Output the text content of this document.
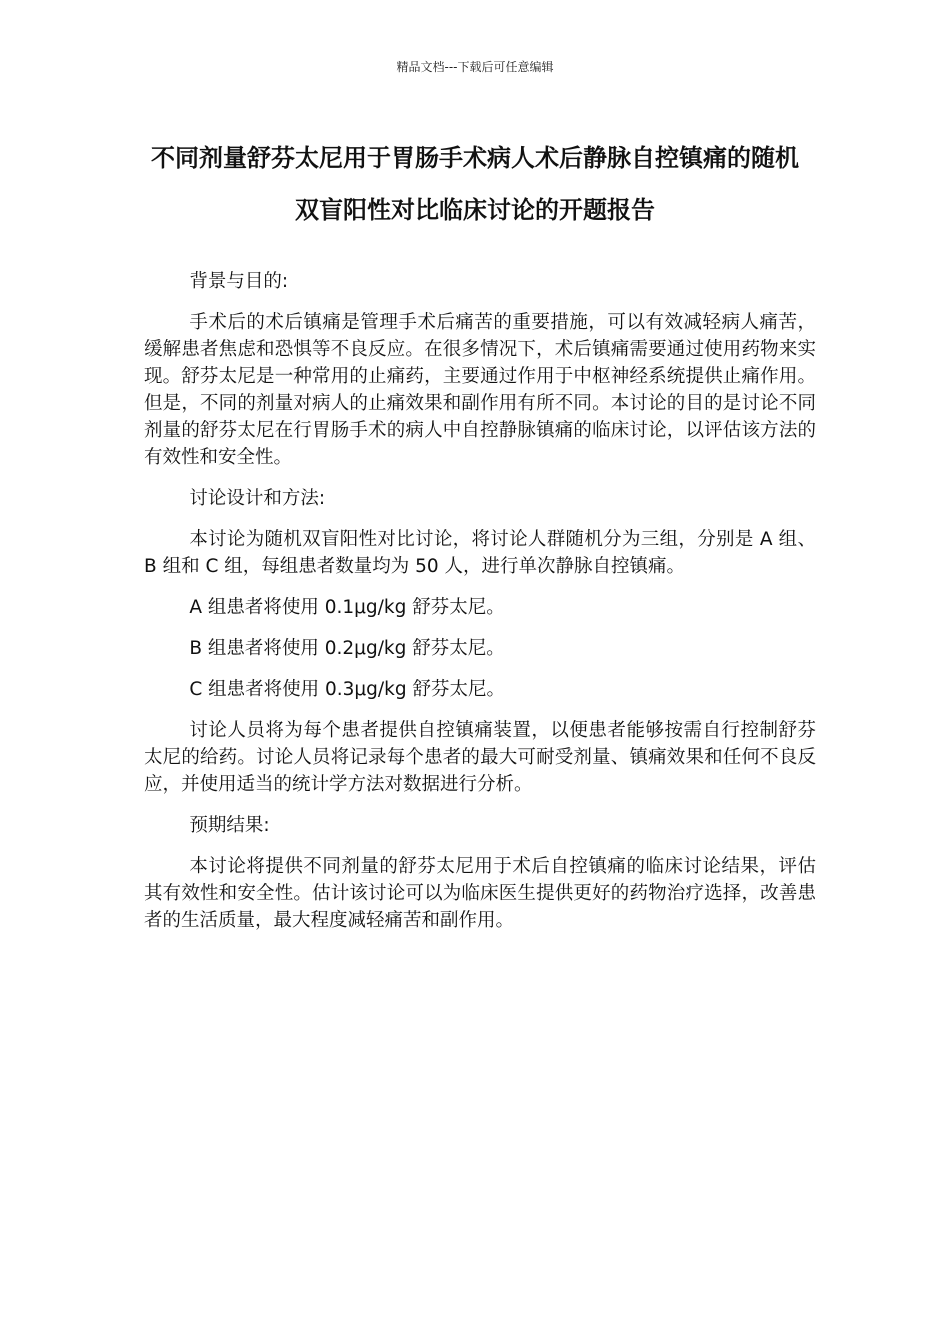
精品文档---下载后可任意编辑
不同剂量舒芬太尼用于胃肠手术病人术后静脉自控镇痛的随机双盲阳性对比临床讨论的开题报告

背景与目的:

手术后的术后镇痛是管理手术后痛苦的重要措施，可以有效减轻病人痛苦，缓解患者焦虑和恐惧等不良反应。在很多情况下，术后镇痛需要通过使用药物来实现。舒芬太尼是一种常用的止痛药，主要通过作用于中枢神经系统提供止痛作用。但是，不同的剂量对病人的止痛效果和副作用有所不同。本讨论的目的是讨论不同剂量的舒芬太尼在行胃肠手术的病人中自控静脉镇痛的临床讨论，以评估该方法的有效性和安全性。

讨论设计和方法:

本讨论为随机双盲阳性对比讨论，将讨论人群随机分为三组，分别是 A 组、B 组和 C 组，每组患者数量均为 50 人，进行单次静脉自控镇痛。

A 组患者将使用 0.1μg/kg 舒芬太尼。

B 组患者将使用 0.2μg/kg 舒芬太尼。

C 组患者将使用 0.3μg/kg 舒芬太尼。

讨论人员将为每个患者提供自控镇痛装置，以便患者能够按需自行控制舒芬太尼的给药。讨论人员将记录每个患者的最大可耐受剂量、镇痛效果和任何不良反应，并使用适当的统计学方法对数据进行分析。

预期结果:

本讨论将提供不同剂量的舒芬太尼用于术后自控镇痛的临床讨论结果，评估其有效性和安全性。估计该讨论可以为临床医生提供更好的药物治疗选择，改善患者的生活质量，最大程度减轻痛苦和副作用。
